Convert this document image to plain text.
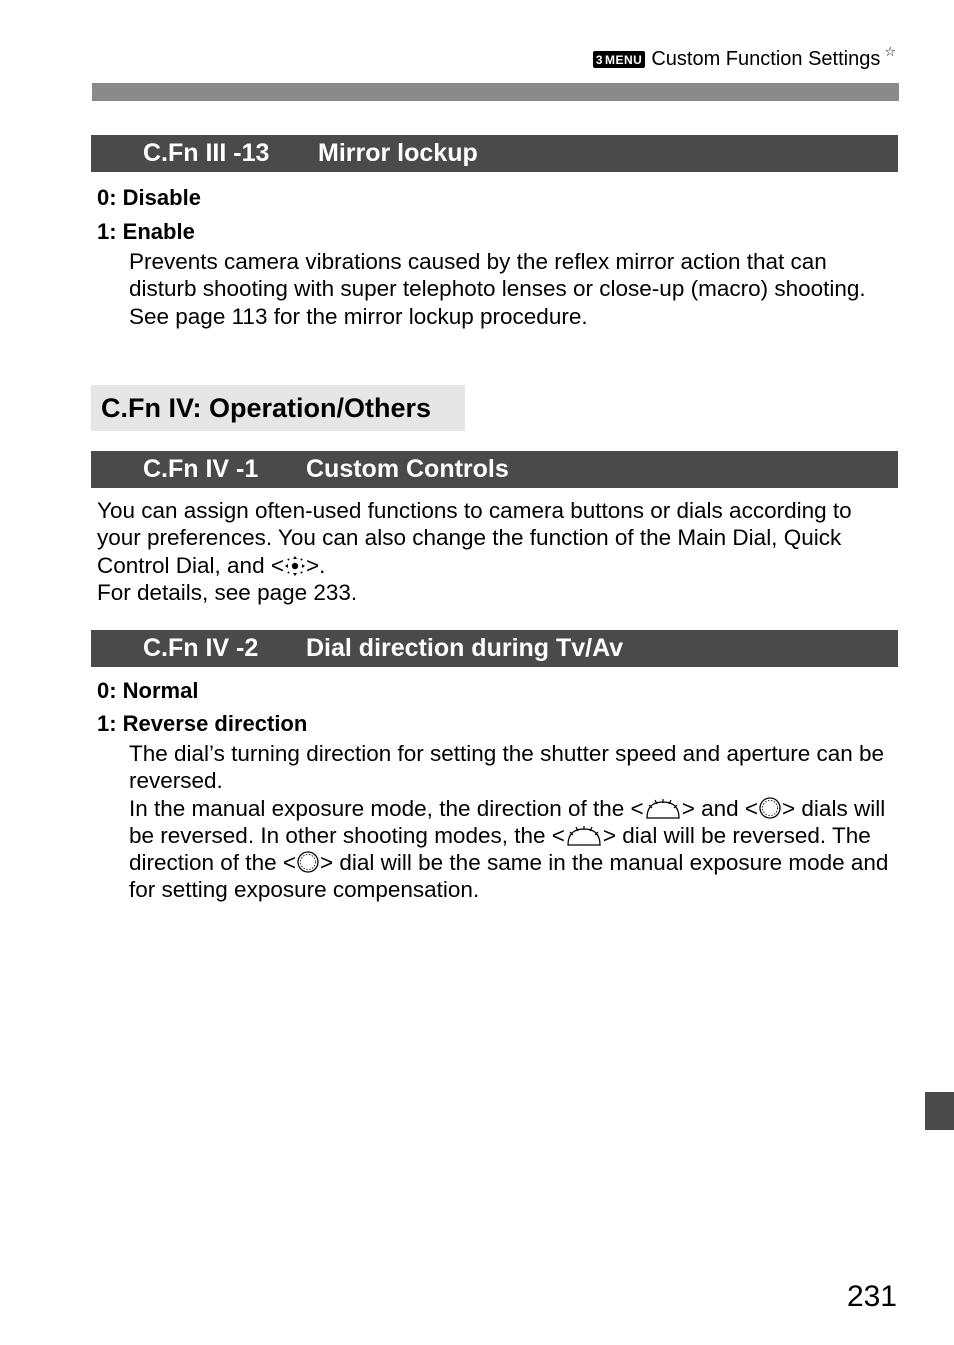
3 MENU Custom Function Settings ☆
C.Fn III -13	Mirror lockup
0: Disable
1: Enable

Prevents camera vibrations caused by the reflex mirror action that can disturb shooting with super telephoto lenses or close-up (macro) shooting. See page 113 for the mirror lockup procedure.

C.Fn IV: Operation/Others
C.Fn IV -1	Custom Controls

You can assign often-used functions to camera buttons or dials according to your preferences. You can also change the function of the Main Dial, Quick Control Dial, and < >.
For details, see page 233.

C.Fn IV -2	Dial direction during Tv/Av
0: Normal
1: Reverse direction

The dial’s turning direction for setting the shutter speed and aperture can be reversed.
In the manual exposure mode, the direction of the < > and < > dials will be reversed. In other shooting modes, the < > dial will be reversed. The direction of the < > dial will be the same in the manual exposure mode and for setting exposure compensation.

231
